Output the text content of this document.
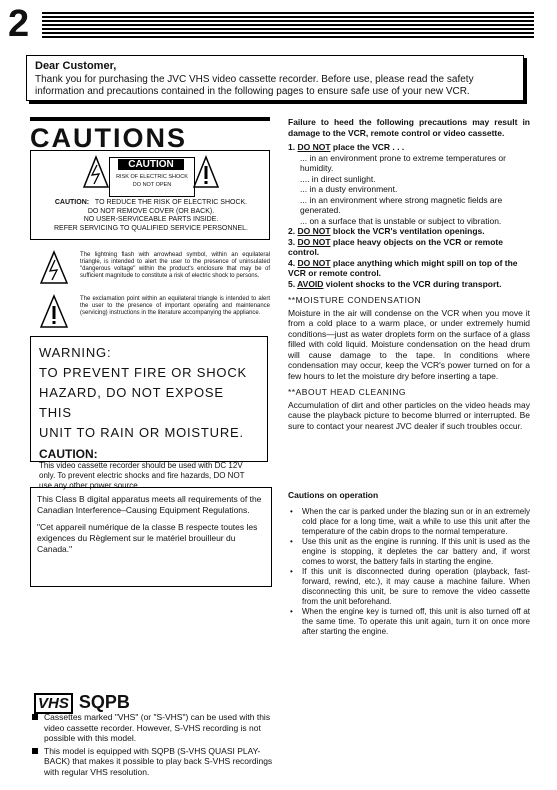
2
Dear Customer,
Thank you for purchasing the JVC VHS video cassette recorder. Before use, please read the safety information and precautions contained in the following pages to ensure safe use of your new VCR.
CAUTIONS
CAUTION
RISK OF ELECTRIC SHOCK
DO NOT OPEN
CAUTION: TO REDUCE THE RISK OF ELECTRIC SHOCK.
DO NOT REMOVE COVER (OR BACK).
NO USER-SERVICEABLE PARTS INSIDE.
REFER SERVICING TO QUALIFIED SERVICE PERSONNEL.
The lightning flash with arrowhead symbol, within an equilateral triangle, is intended to alert the user to the presence of uninsulated "dangerous voltage" within the product's enclosure that may be of sufficient magnitude to constitute a risk of electric shock to persons.
The exclamation point within an equilateral triangle is intended to alert the user to the presence of important operating and maintenance (servicing) instructions in the literature accompanying the appliance.
WARNING:
TO PREVENT FIRE OR SHOCK
HAZARD, DO NOT EXPOSE THIS
UNIT TO RAIN OR MOISTURE.
CAUTION:
This video cassette recorder should be used with DC 12V only. To prevent electric shocks and fire hazards, DO NOT use any other power source.

This Class B digital apparatus meets all requirements of the Canadian Interference–Causing Equipment Regulations.

"Cet appareil numérique de la classe B respecte toutes les exigences du Règlement sur le matériel brouilleur du Canada."

VHS SQPB
Cassettes marked "VHS" (or "S-VHS") can be used with this video cassette recorder. However, S-VHS recording is not possible with this model.
This model is equipped with SQPB (S-VHS QUASI PLAY-BACK) that makes it possible to play back S-VHS recordings with regular VHS resolution.
Failure to heed the following precautions may result in damage to the VCR, remote control or video cassette.
1. DO NOT place the VCR . . .
... in an environment prone to extreme temperatures or humidity.
.... in direct sunlight.
... in a dusty environment.
... in an environment where strong magnetic fields are generated.
... on a surface that is unstable or subject to vibration.
2. DO NOT block the VCR's ventilation openings.
3. DO NOT place heavy objects on the VCR or remote control.
4. DO NOT place anything which might spill on top of the VCR or remote control.
5. AVOID violent shocks to the VCR during transport.
**MOISTURE CONDENSATION
Moisture in the air will condense on the VCR when you move it from a cold place to a warm place, or under extremely humid conditions—just as water droplets form on the surface of a glass filled with cold liquid. Moisture condensation on the head drum will cause damage to the tape. In conditions where condensation may occur, keep the VCR's power turned on for a few hours to let the moisture dry before inserting a tape.
**ABOUT HEAD CLEANING
Accumulation of dirt and other particles on the video heads may cause the playback picture to become blurred or interrupted. Be sure to contact your nearest JVC dealer if such troubles occur.
Cautions on operation
• When the car is parked under the blazing sun or in an extremely cold place for a long time, wait a while to use this unit after the temperature of the cabin drops to the normal temperature.
• Use this unit as the engine is running. If this unit is used as the engine is stopping, it depletes the car battery and, if worst comes to worst, the battery fails in starting the engine.
• If this unit is disconnected during operation (playback, fast-forward, rewind, etc.), it may cause a machine failure. When disconnecting this unit, be sure to remove the video cassette from the unit beforehand.
• When the engine key is turned off, this unit is also turned off at the same time. To operate this unit again, turn it on once more after starting the engine.
